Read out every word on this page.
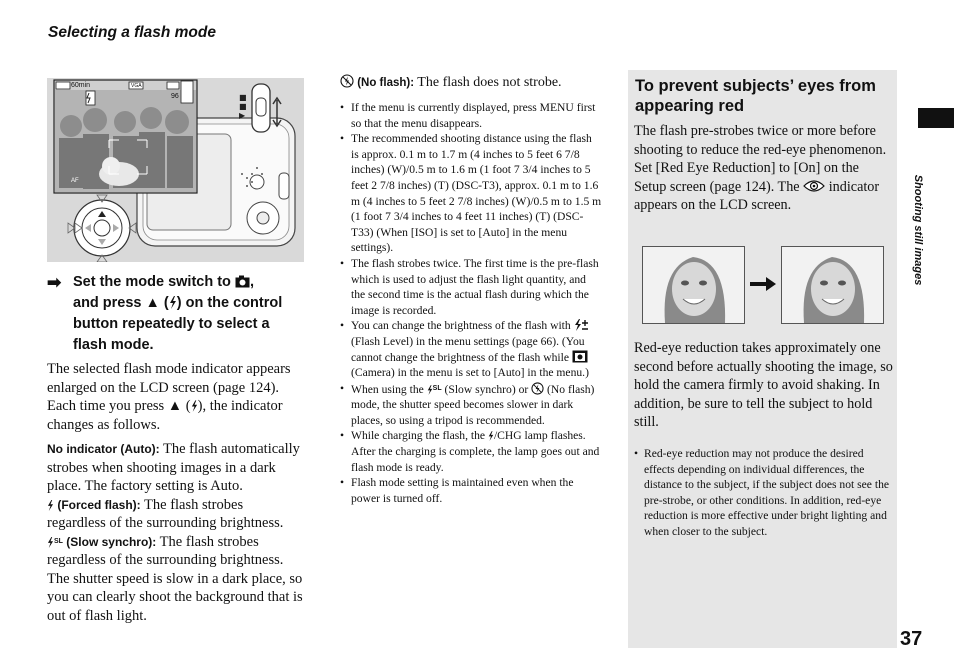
Selecting a flash mode
■
■
▶
60min	VGA
96
AF
➡ Set the mode switch to ,
and press ▲ ( ) on the control
button repeatedly to select a
flash mode.
The selected flash mode indicator appears
enlarged on the LCD screen (page 124).
Each time you press ▲ ( ), the indicator
changes as follows.

No indicator (Auto): The flash automatically strobes when shooting images in a dark place. The factory setting is Auto.

(Forced flash): The flash strobes regardless of the surrounding brightness.

$^{SL}$ (Slow synchro): The flash strobes regardless of the surrounding brightness. The shutter speed is slow in a dark place, so you can clearly shoot the background that is out of flash light.

(No flash): The flash does not strobe.
• If the menu is currently displayed, press MENU first so that the menu disappears.
• The recommended shooting distance using the flash is approx. 0.1 m to 1.7 m (4 inches to 5 feet 6 7/8 inches) (W)/0.5 m to 1.6 m (1 foot 7 3/4 inches to 5 feet 2 7/8 inches) (T) (DSC-T3), approx. 0.1 m to 1.6 m (4 inches to 5 feet 2 7/8 inches) (W)/0.5 m to 1.5 m (1 foot 7 3/4 inches to 4 feet 11 inches) (T) (DSC-T33) (When [ISO] is set to [Auto] in the menu settings).
• The flash strobes twice. The first time is the pre-flash which is used to adjust the flash light quantity, and the second time is the actual flash during which the image is recorded.
• You can change the brightness of the flash with  (Flash Level) in the menu settings (page 66). (You cannot change the brightness of the flash while  (Camera) in the menu is set to [Auto] in the menu.)
• When using the $^{SL}$ (Slow synchro) or  (No flash) mode, the shutter speed becomes slower in dark places, so using a tripod is recommended.
• While charging the flash, the /CHG lamp flashes. After the charging is complete, the lamp goes out and flash mode is ready.
• Flash mode setting is maintained even when the power is turned off.
To prevent subjects’ eyes from appearing red
The flash pre-strobes twice or more before shooting to reduce the red-eye phenomenon.
Set [Red Eye Reduction] to [On] on the Setup screen (page 124). The  indicator appears on the LCD screen.
Red-eye reduction takes approximately one second before actually shooting the image, so hold the camera firmly to avoid shaking. In addition, be sure to tell the subject to hold still.
• Red-eye reduction may not produce the desired effects depending on individual differences, the distance to the subject, if the subject does not see the pre-strobe, or other conditions. In addition, red-eye reduction is more effective under bright lighting and when closer to the subject.
Shooting still images
37
